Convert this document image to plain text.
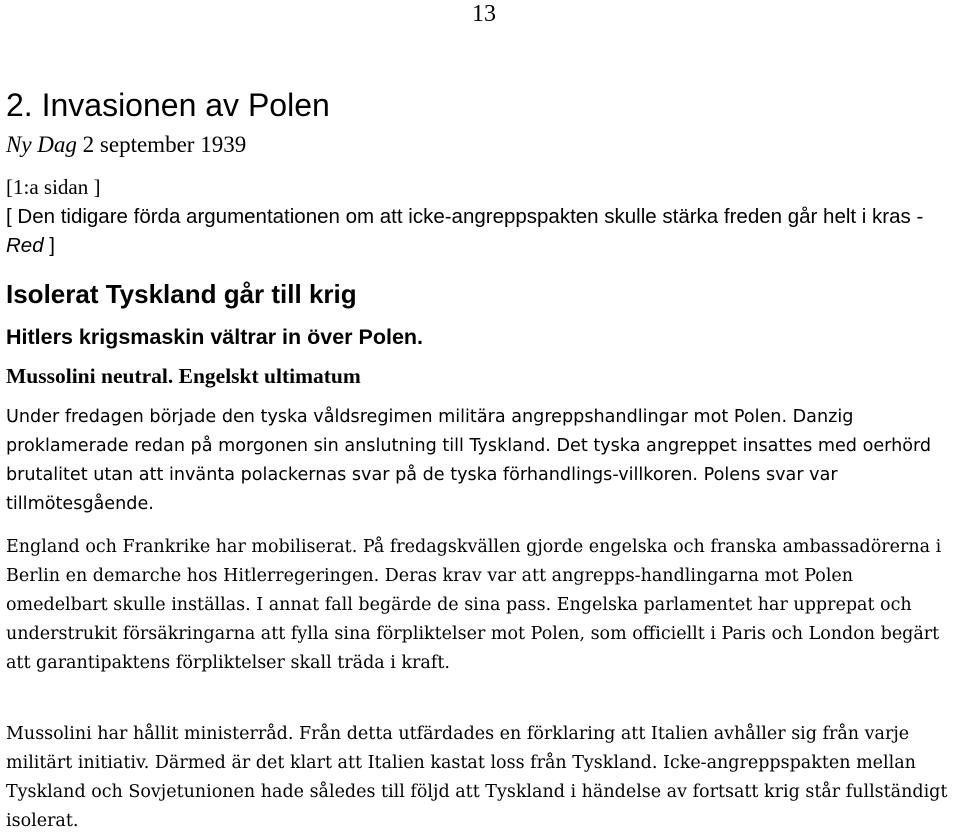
13
2. Invasionen av Polen
Ny Dag 2 september 1939
[1:a sidan ]
[ Den tidigare förda argumentationen om att icke-angreppspakten skulle stärka freden går helt i kras - Red ]
Isolerat Tyskland går till krig
Hitlers krigsmaskin vältrar in över Polen.
Mussolini neutral. Engelskt ultimatum
Under fredagen började den tyska våldsregimen militära angreppshandlingar mot Polen. Danzig proklamerade redan på morgonen sin anslutning till Tyskland. Det tyska angreppet insattes med oerhörd brutalitet utan att invänta polackernas svar på de tyska förhandlings-villkoren. Polens svar var tillmötesgående.
England och Frankrike har mobiliserat. På fredagskvällen gjorde engelska och franska ambassadörerna i Berlin en demarche hos Hitlerregeringen. Deras krav var att angrepps-handlingarna mot Polen omedelbart skulle inställas. I annat fall begärde de sina pass. Engelska parlamentet har upprepat och understrukit försäkringarna att fylla sina förpliktelser mot Polen, som officiellt i Paris och London begärt att garantipaktens förpliktelser skall träda i kraft.
Mussolini har hållit ministerråd. Från detta utfärdades en förklaring att Italien avhåller sig från varje militärt initiativ. Därmed är det klart att Italien kastat loss från Tyskland. Icke-angreppspakten mellan Tyskland och Sovjetunionen hade således till följd att Tyskland i händelse av fortsatt krig står fullständigt isolerat.
